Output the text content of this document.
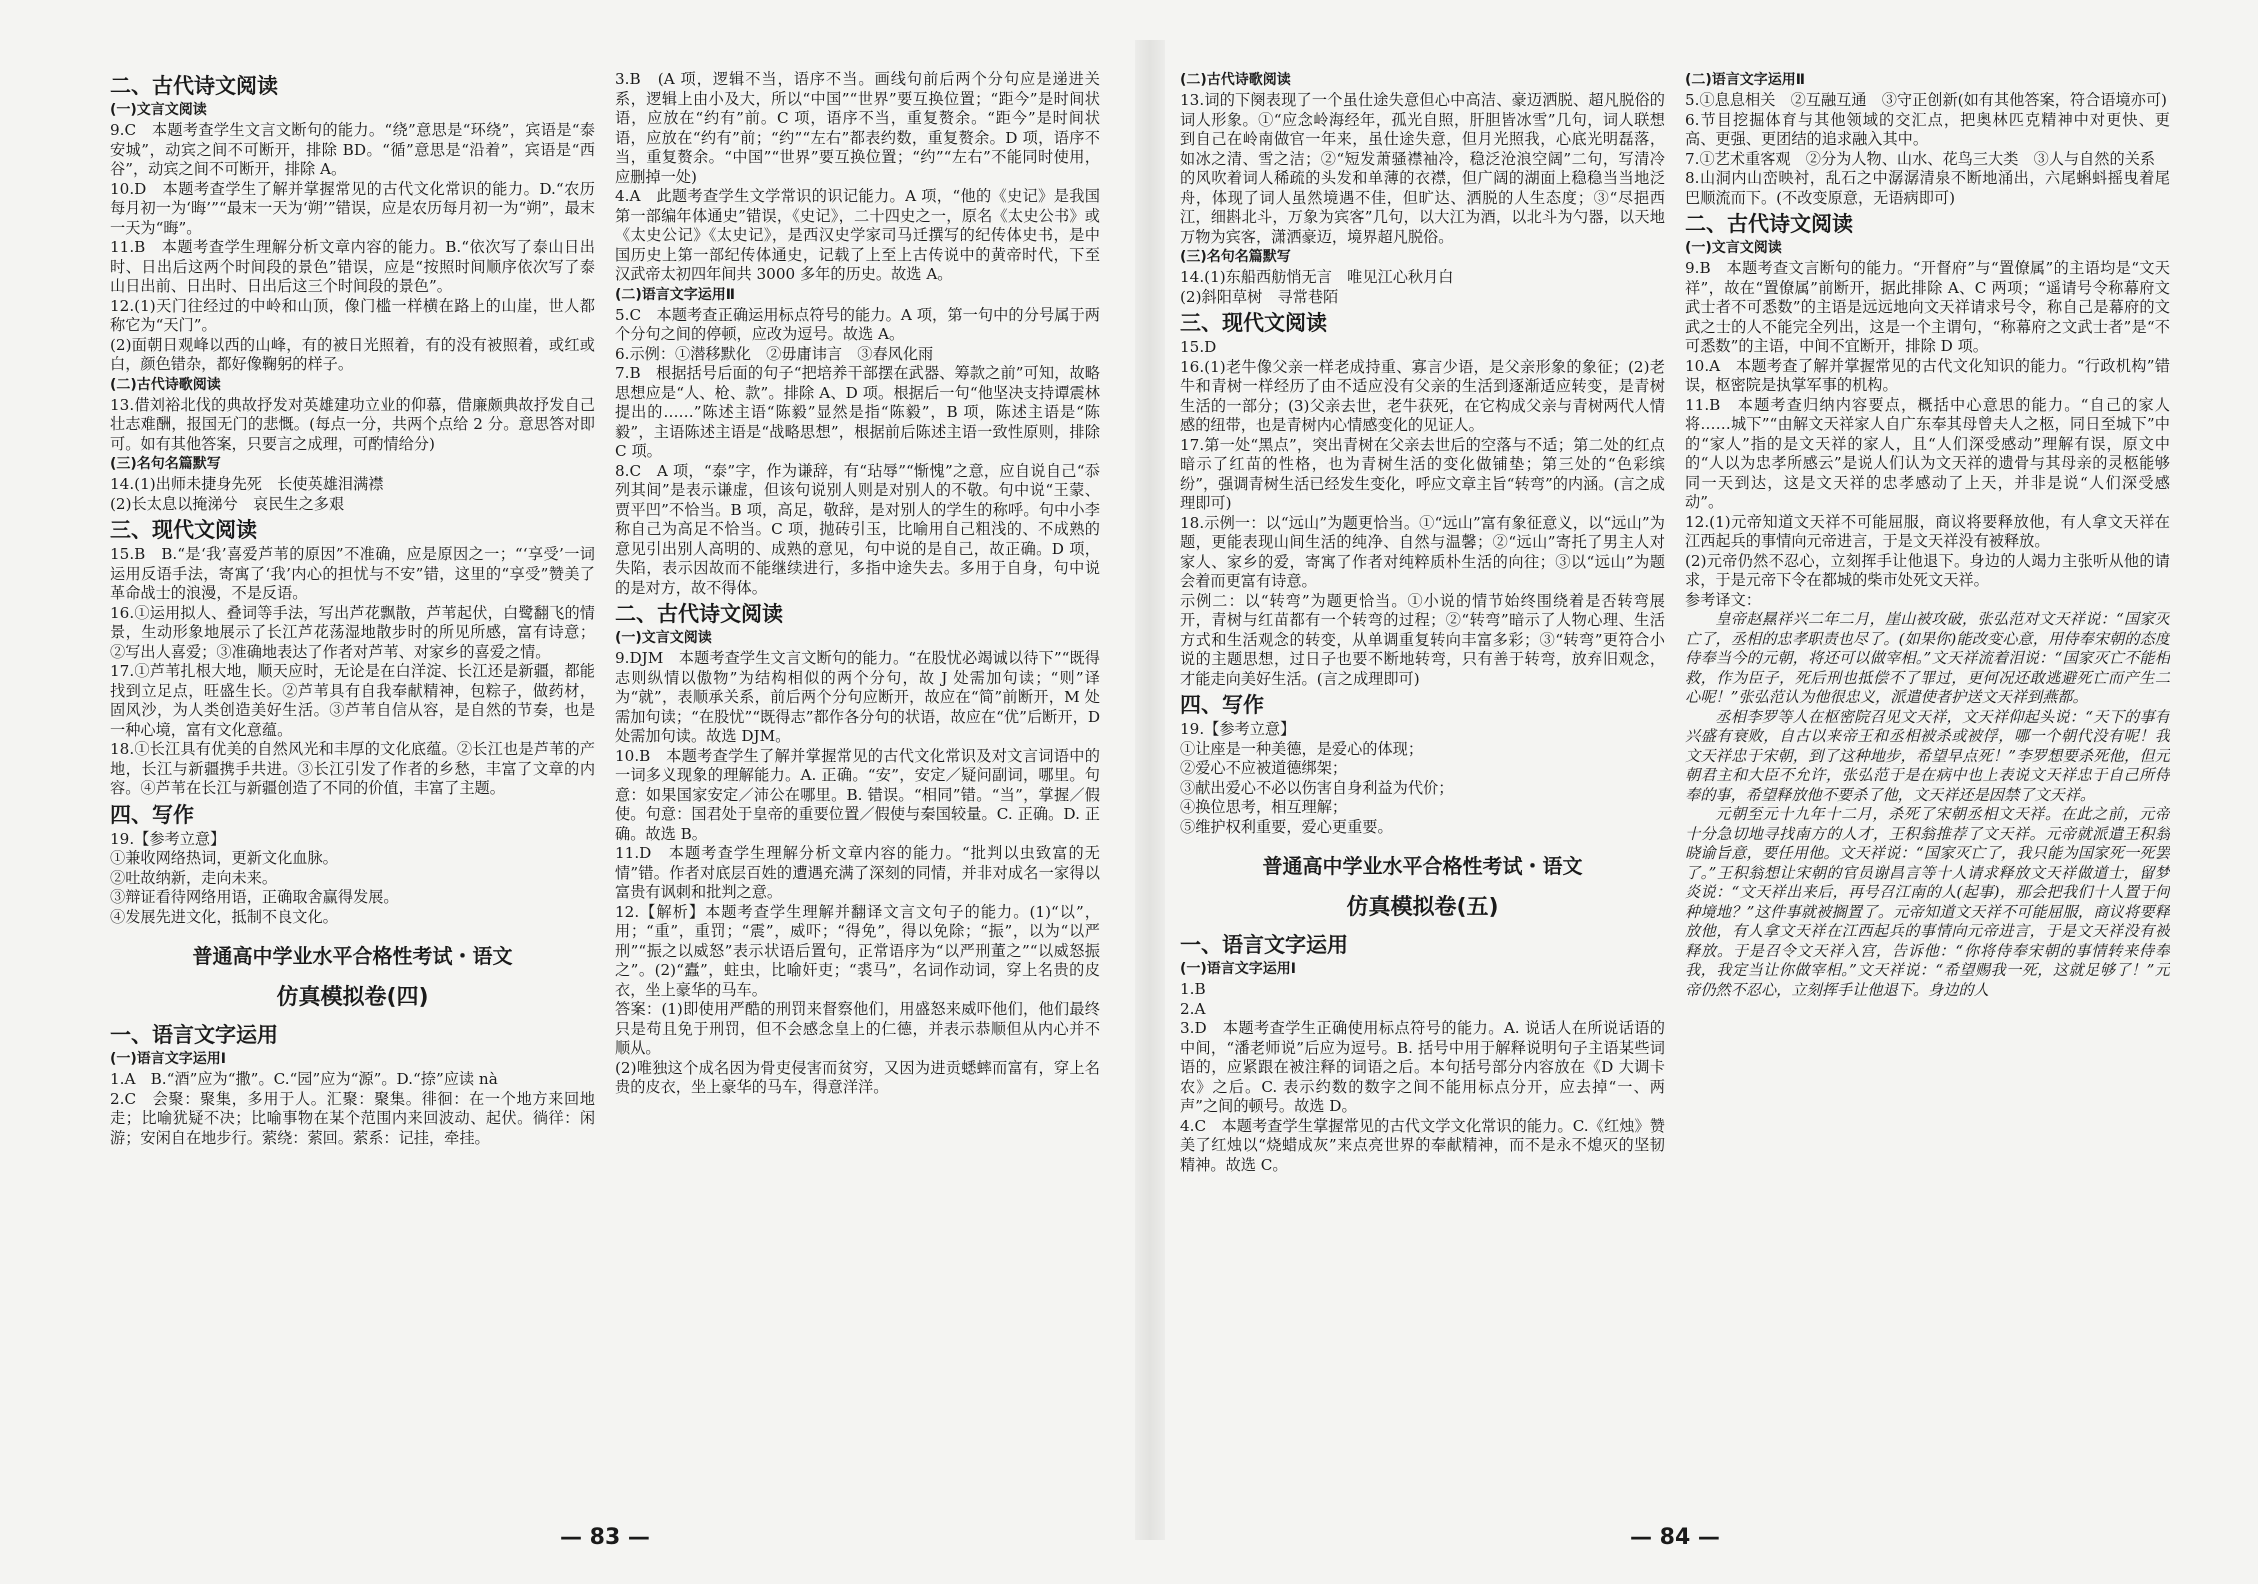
二、古代诗文阅读
(一)文言文阅读

9.C　本题考查学生文言文断句的能力。“绕”意思是“环绕”，宾语是“泰安城”，动宾之间不可断开，排除 BD。“循”意思是“沿着”，宾语是“西谷”，动宾之间不可断开，排除 A。

10.D　本题考查学生了解并掌握常见的古代文化常识的能力。D.“农历每月初一为‘晦’”“最末一天为‘朔’”错误，应是农历每月初一为“朔”，最末一天为“晦”。

11.B　本题考查学生理解分析文章内容的能力。B.“依次写了泰山日出时、日出后这两个时间段的景色”错误，应是“按照时间顺序依次写了泰山日出前、日出时、日出后这三个时间段的景色”。

12.(1)天门往经过的中岭和山顶，像门槛一样横在路上的山崖，世人都称它为“天门”。

(2)面朝日观峰以西的山峰，有的被日光照着，有的没有被照着，或红或白，颜色错杂，都好像鞠躬的样子。

(二)古代诗歌阅读

13.借刘裕北伐的典故抒发对英雄建功立业的仰慕，借廉颇典故抒发自己壮志难酬，报国无门的悲慨。(每点一分，共两个点给 2 分。意思答对即可。如有其他答案，只要言之成理，可酌情给分)

(三)名句名篇默写

14.(1)出师未捷身先死　长使英雄泪满襟

(2)长太息以掩涕兮　哀民生之多艰

三、现代文阅读

15.B　B.“是‘我’喜爱芦苇的原因”不准确，应是原因之一；“‘享受’一词运用反语手法，寄寓了‘我’内心的担忧与不安”错，这里的“享受”赞美了革命战士的浪漫，不是反语。

16.①运用拟人、叠词等手法，写出芦花飘散，芦苇起伏，白鹭翻飞的情景，生动形象地展示了长江芦花荡湿地散步时的所见所感，富有诗意；②写出人喜爱；③准确地表达了作者对芦苇、对家乡的喜爱之情。

17.①芦苇扎根大地，顺天应时，无论是在白洋淀、长江还是新疆，都能找到立足点，旺盛生长。②芦苇具有自我奉献精神，包粽子，做药材，固风沙，为人类创造美好生活。③芦苇自信从容，是自然的节奏，也是一种心境，富有文化意蕴。

18.①长江具有优美的自然风光和丰厚的文化底蕴。②长江也是芦苇的产地，长江与新疆携手共进。③长江引发了作者的乡愁，丰富了文章的内容。④芦苇在长江与新疆创造了不同的价值，丰富了主题。

四、写作

19.【参考立意】

①兼收网络热词，更新文化血脉。

②吐故纳新，走向未来。

③辩证看待网络用语，正确取舍赢得发展。

④发展先进文化，抵制不良文化。

普通高中学业水平合格性考试・语文
仿真模拟卷(四)
一、语言文字运用
(一)语言文字运用Ⅰ

1.A　B.“酒”应为“撒”。C.“园”应为“源”。D.“捺”应读 nà

2.C　会聚：聚集，多用于人。汇聚：聚集。徘徊：在一个地方来回地走；比喻犹疑不决；比喻事物在某个范围内来回波动、起伏。徜徉：闲游；安闲自在地步行。萦绕：萦回。萦系：记挂，牵挂。

3.B　(A 项，逻辑不当，语序不当。画线句前后两个分句应是递进关系，逻辑上由小及大，所以“中国”“世界”要互换位置；“距今”是时间状语，应放在“约有”前。C 项，语序不当，重复赘余。“距今”是时间状语，应放在“约有”前；“约”“左右”都表约数，重复赘余。D 项，语序不当，重复赘余。“中国”“世界”要互换位置；“约”“左右”不能同时使用，应删掉一处)

4.A　此题考查学生文学常识的识记能力。A 项，“他的《史记》是我国第一部编年体通史”错误，《史记》，二十四史之一，原名《太史公书》或《太史公记》《太史记》，是西汉史学家司马迁撰写的纪传体史书，是中国历史上第一部纪传体通史，记载了上至上古传说中的黄帝时代，下至汉武帝太初四年间共 3000 多年的历史。故选 A。

(二)语言文字运用Ⅱ

5.C　本题考查正确运用标点符号的能力。A 项，第一句中的分号属于两个分句之间的停顿，应改为逗号。故选 A。

6.示例：①潜移默化　②毋庸讳言　③春风化雨

7.B　根据括号后面的句子“把培养干部摆在武器、筹款之前”可知，故略思想应是“人、枪、款”。排除 A、D 项。根据后一句“他坚决支持谭震林提出的……”陈述主语“陈毅”显然是指“陈毅”，B 项，陈述主语是“陈毅”，主语陈述主语是“战略思想”，根据前后陈述主语一致性原则，排除 C 项。

8.C　A 项，“泰”字，作为谦辞，有“玷辱”“惭愧”之意，应自说自己“忝列其间”是表示谦虚，但该句说别人则是对别人的不敬。句中说“王蒙、贾平凹”不恰当。B 项，高足，敬辞，是对别人的学生的称呼。句中小李称自己为高足不恰当。C 项，抛砖引玉，比喻用自己粗浅的、不成熟的意见引出别人高明的、成熟的意见，句中说的是自己，故正确。D 项，失陷，表示因故而不能继续进行，多指中途失去。多用于自身，句中说的是对方，故不得体。

二、古代诗文阅读
(一)文言文阅读

9.DJM　本题考查学生文言文断句的能力。“在股忧必竭诚以待下”“既得志则纵情以傲物”为结构相似的两个分句，故 J 处需加句读；“则”译为“就”，表顺承关系，前后两个分句应断开，故应在“简”前断开，M 处需加句读；“在股忧”“既得志”都作各分句的状语，故应在“优”后断开，D 处需加句读。故选 DJM。

10.B　本题考查学生了解并掌握常见的古代文化常识及对文言词语中的一词多义现象的理解能力。A. 正确。“安”，安定／疑问副词，哪里。句意：如果国家安定／沛公在哪里。B. 错误。“相同”错。“当”，掌握／假使。句意：国君处于皇帝的重要位置／假使与秦国较量。C. 正确。D. 正确。故选 B。

11.D　本题考查学生理解分析文章内容的能力。“批判以虫致富的无情”错。作者对底层百姓的遭遇充满了深刻的同情，并非对成名一家得以富贵有讽刺和批判之意。

12.【解析】本题考查学生理解并翻译文言文句子的能力。(1)“以”，用；“重”，重罚；“震”，威吓；“得免”，得以免除；“振”，以为“以严刑”“振之以威怒”表示状语后置句，正常语序为“以严刑董之”“以威怒振之”。(2)“蠹”，蛀虫，比喻奸吏；“裘马”，名词作动词，穿上名贵的皮衣，坐上豪华的马车。

答案：(1)即使用严酷的刑罚来督察他们，用盛怒来威吓他们，他们最终只是苟且免于刑罚，但不会感念皇上的仁德，并表示恭顺但从内心并不顺从。

(2)唯独这个成名因为骨吏侵害而贫穷，又因为进贡蟋蟀而富有，穿上名贵的皮衣，坐上豪华的马车，得意洋洋。

(二)古代诗歌阅读

13.词的下阕表现了一个虽仕途失意但心中高洁、豪迈洒脱、超凡脱俗的词人形象。①“应念岭海经年，孤光自照，肝胆皆冰雪”几句，词人联想到自己在岭南做官一年来，虽仕途失意，但月光照我，心底光明磊落，如冰之清、雪之洁；②“短发萧骚襟袖冷，稳泛沧浪空阔”二句，写清冷的风吹着词人稀疏的头发和单薄的衣襟，但广阔的湖面上稳稳当当地泛舟，体现了词人虽然境遇不佳，但旷达、洒脱的人生态度；③“尽挹西江，细斟北斗，万象为宾客”几句，以大江为酒，以北斗为勺器，以天地万物为宾客，潇洒豪迈，境界超凡脱俗。

(三)名句名篇默写

14.(1)东船西舫悄无言　唯见江心秋月白

(2)斜阳草树　寻常巷陌

三、现代文阅读

15.D

16.(1)老牛像父亲一样老成持重、寡言少语，是父亲形象的象征；(2)老牛和青树一样经历了由不适应没有父亲的生活到逐渐适应转变，是青树生活的一部分；(3)父亲去世，老牛获死，在它构成父亲与青树两代人情感的纽带，也是青树内心情感变化的见证人。

17.第一处“黑点”，突出青树在父亲去世后的空落与不适；第二处的红点暗示了红苗的性格，也为青树生活的变化做铺垫；第三处的“色彩缤纷”，强调青树生活已经发生变化，呼应文章主旨“转弯”的内涵。(言之成理即可)

18.示例一：以“远山”为题更恰当。①“远山”富有象征意义，以“远山”为题，更能表现山间生活的纯净、自然与温馨；②“远山”寄托了男主人对家人、家乡的爱，寄寓了作者对纯粹质朴生活的向往；③以“远山”为题会着而更富有诗意。

示例二：以“转弯”为题更恰当。①小说的情节始终围绕着是否转弯展开，青树与红苗都有一个转弯的过程；②“转弯”暗示了人物心理、生活方式和生活观念的转变，从单调重复转向丰富多彩；③“转弯”更符合小说的主题思想，过日子也要不断地转弯，只有善于转弯，放弃旧观念，才能走向美好生活。(言之成理即可)

四、写作

19.【参考立意】

①让座是一种美德，是爱心的体现；

②爱心不应被道德绑架；

③献出爱心不必以伤害自身利益为代价；

④换位思考，相互理解；

⑤维护权利重要，爱心更重要。

普通高中学业水平合格性考试・语文
仿真模拟卷(五)
一、语言文字运用
(一)语言文字运用Ⅰ

1.B

2.A

3.D　本题考查学生正确使用标点符号的能力。A. 说话人在所说话语的中间，“潘老师说”后应为逗号。B. 括号中用于解释说明句子主语某些词语的，应紧跟在被注释的词语之后。本句括号部分内容放在《D 大调卡农》之后。C. 表示约数的数字之间不能用标点分开，应去掉“一、两声”之间的顿号。故选 D。

4.C　本题考查学生掌握常见的古代文学文化常识的能力。C.《红烛》赞美了红烛以“烧蜡成灰”来点亮世界的奉献精神，而不是永不熄灭的坚韧精神。故选 C。

(二)语言文字运用Ⅱ

5.①息息相关　②互融互通　③守正创新(如有其他答案，符合语境亦可)

6.节目挖掘体育与其他领域的交汇点，把奥林匹克精神中对更快、更高、更强、更团结的追求融入其中。

7.①艺术重客观　②分为人物、山水、花鸟三大类　③人与自然的关系

8.山洞内山峦映衬，乱石之中潺潺清泉不断地涌出，六尾蝌蚪摇曳着尾巴顺流而下。(不改变原意，无语病即可)

二、古代诗文阅读
(一)文言文阅读

9.B　本题考查文言断句的能力。“开督府”与“置僚属”的主语均是“文天祥”，故在“置僚属”前断开，据此排除 A、C 两项；“遥请号令称幕府文武士者不可悉数”的主语是远远地向文天祥请求号令，称自己是幕府的文武之士的人不能完全列出，这是一个主谓句，“称幕府之文武士者”是“不可悉数”的主语，中间不宜断开，排除 D 项。

10.A　本题考查了解并掌握常见的古代文化知识的能力。“行政机构”错误，枢密院是执掌军事的机构。

11.B　本题考查归纳内容要点，概括中心意思的能力。“自己的家人将……城下”“由解文天祥家人自广东奉其母曾夫人之柩，同日至城下”中的“家人”指的是文天祥的家人，且“人们深受感动”理解有误，原文中的“人以为忠孝所感云”是说人们认为文天祥的遗骨与其母亲的灵柩能够同一天到达，这是文天祥的忠孝感动了上天，并非是说“人们深受感动”。

12.(1)元帝知道文天祥不可能屈服，商议将要释放他，有人拿文天祥在江西起兵的事情向元帝进言，于是文天祥没有被释放。

(2)元帝仍然不忍心，立刻挥手让他退下。身边的人竭力主张听从他的请求，于是元帝下令在都城的柴市处死文天祥。

参考译文：

皇帝赵㬎祥兴二年二月，崖山被攻破，张弘范对文天祥说：“国家灭亡了，丞相的忠孝职责也尽了。(如果你)能改变心意，用侍奉宋朝的态度侍奉当今的元朝，将还可以做宰相。”文天祥流着泪说：“国家灭亡不能相救，作为臣子，死后刑也抵偿不了罪过，更何况还敢逃避死亡而产生二心呢！”张弘范认为他很忠义，派遣使者护送文天祥到燕都。

丞相李罗等人在枢密院召见文天祥，文天祥仰起头说：“天下的事有兴盛有衰败，自古以来帝王和丞相被杀或被俘，哪一个朝代没有呢！我文天祥忠于宋朝，到了这种地步，希望早点死！”李罗想要杀死他，但元朝君主和大臣不允许，张弘范于是在病中也上表说文天祥忠于自己所侍奉的事，希望释放他不要杀了他，文天祥还是因禁了文天祥。

元朝至元十九年十二月，杀死了宋朝丞相文天祥。在此之前，元帝十分急切地寻找南方的人才，王积翁推荐了文天祥。元帝就派遣王积翁晓谕旨意，要任用他。文天祥说：“国家灭亡了，我只能为国家死一死罢了。”王积翁想让宋朝的官员谢昌言等十人请求释放文天祥做道士，留梦炎说：“文天祥出来后，再号召江南的人(起事)，那会把我们十人置于何种境地？”这件事就被搁置了。元帝知道文天祥不可能屈服，商议将要释放他，有人拿文天祥在江西起兵的事情向元帝进言，于是文天祥没有被释放。于是召令文天祥入宫，告诉他：“你将侍奉宋朝的事情转来侍奉我，我定当让你做宰相。”文天祥说：“希望赐我一死，这就足够了！”元帝仍然不忍心，立刻挥手让他退下。身边的人

— 83 —	— 84 —
